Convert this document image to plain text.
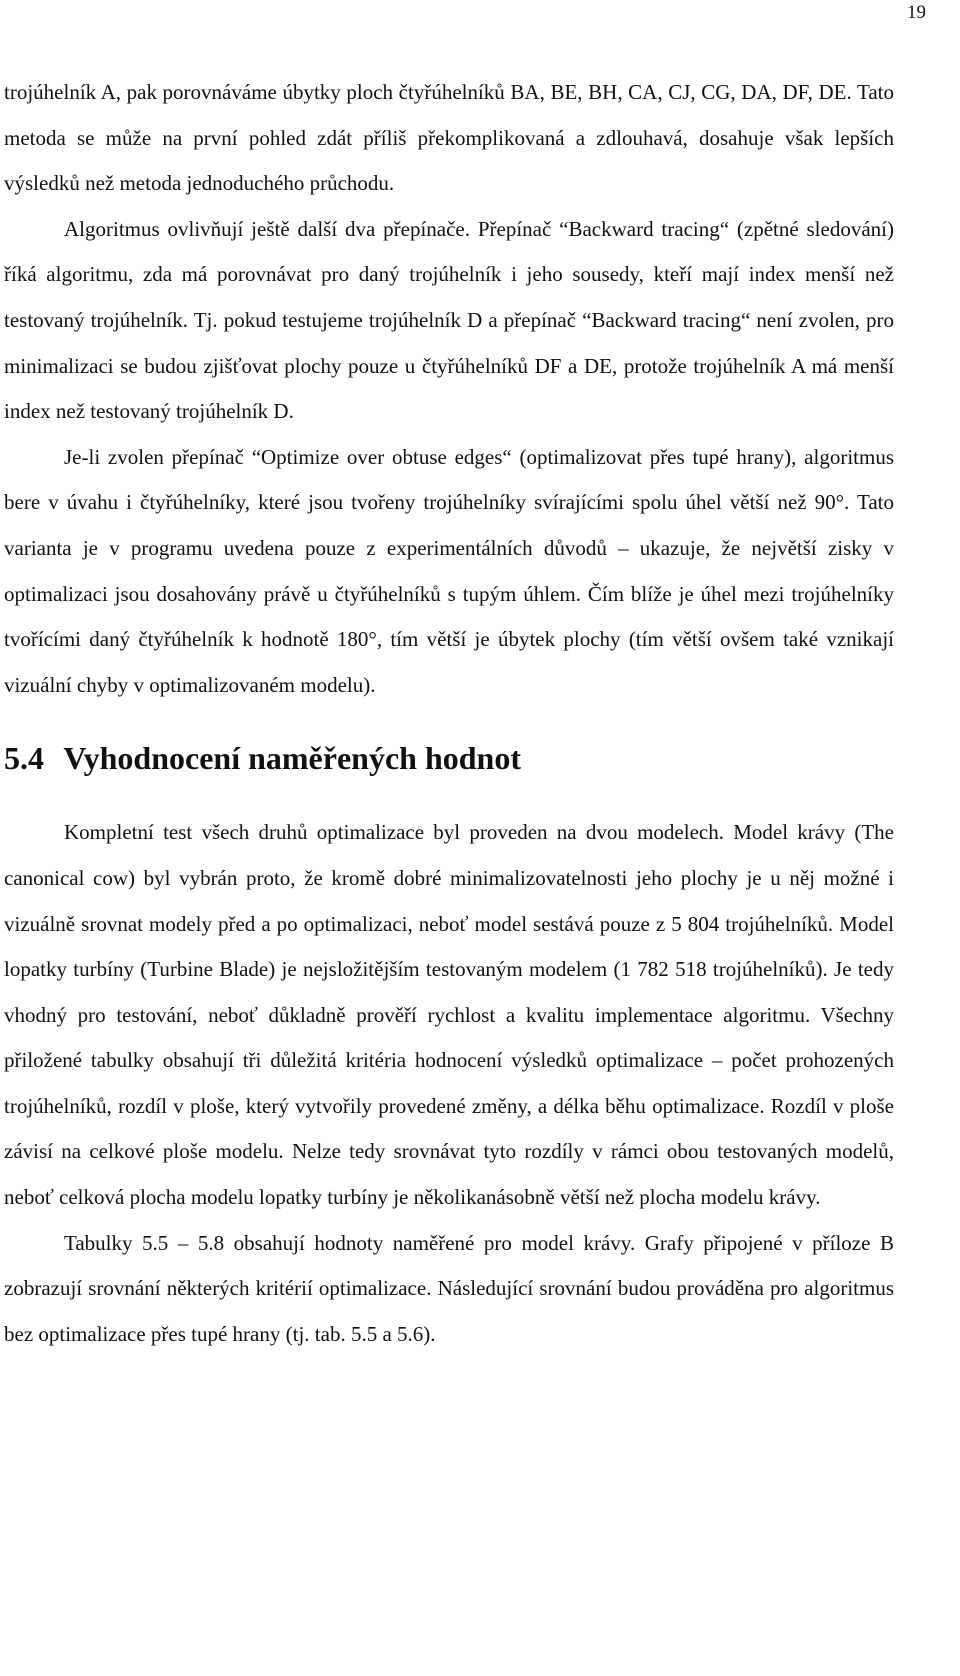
19

trojúhelník A, pak porovnáváme úbytky ploch čtyřúhelníků BA, BE, BH, CA, CJ, CG, DA, DF, DE. Tato metoda se může na první pohled zdát příliš překomplikovaná a zdlouhavá, dosahuje však lepších výsledků než metoda jednoduchého průchodu.

Algoritmus ovlivňují ještě další dva přepínače. Přepínač “Backward tracing“ (zpětné sledování) říká algoritmu, zda má porovnávat pro daný trojúhelník i jeho sousedy, kteří mají index menší než testovaný trojúhelník. Tj. pokud testujeme trojúhelník D a přepínač “Backward tracing“ není zvolen, pro minimalizaci se budou zjišťovat plochy pouze u čtyřúhelníků DF a DE, protože trojúhelník A má menší index než testovaný trojúhelník D.

Je-li zvolen přepínač “Optimize over obtuse edges“ (optimalizovat přes tupé hrany), algoritmus bere v úvahu i čtyřúhelníky, které jsou tvořeny trojúhelníky svírajícími spolu úhel větší než 90°. Tato varianta je v programu uvedena pouze z experimentálních důvodů – ukazuje, že největší zisky v optimalizaci jsou dosahovány právě u čtyřúhelníků s tupým úhlem. Čím blíže je úhel mezi trojúhelníky tvořícími daný čtyřúhelník k hodnotě 180°, tím větší je úbytek plochy (tím větší ovšem také vznikají vizuální chyby v optimalizovaném modelu).

5.4 Vyhodnocení naměřených hodnot

Kompletní test všech druhů optimalizace byl proveden na dvou modelech. Model krávy (The canonical cow) byl vybrán proto, že kromě dobré minimalizovatelnosti jeho plochy je u něj možné i vizuálně srovnat modely před a po optimalizaci, neboť model sestává pouze z 5 804 trojúhelníků. Model lopatky turbíny (Turbine Blade) je nejsložitějším testovaným modelem (1 782 518 trojúhelníků). Je tedy vhodný pro testování, neboť důkladně prověří rychlost a kvalitu implementace algoritmu. Všechny přiložené tabulky obsahují tři důležitá kritéria hodnocení výsledků optimalizace – počet prohozených trojúhelníků, rozdíl v ploše, který vytvořily provedené změny, a délka běhu optimalizace. Rozdíl v ploše závisí na celkové ploše modelu. Nelze tedy srovnávat tyto rozdíly v rámci obou testovaných modelů, neboť celková plocha modelu lopatky turbíny je několikanásobně větší než plocha modelu krávy.

Tabulky 5.5 – 5.8 obsahují hodnoty naměřené pro model krávy. Grafy připojené v příloze B zobrazují srovnání některých kritérií optimalizace. Následující srovnání budou prováděna pro algoritmus bez optimalizace přes tupé hrany (tj. tab. 5.5 a 5.6).
